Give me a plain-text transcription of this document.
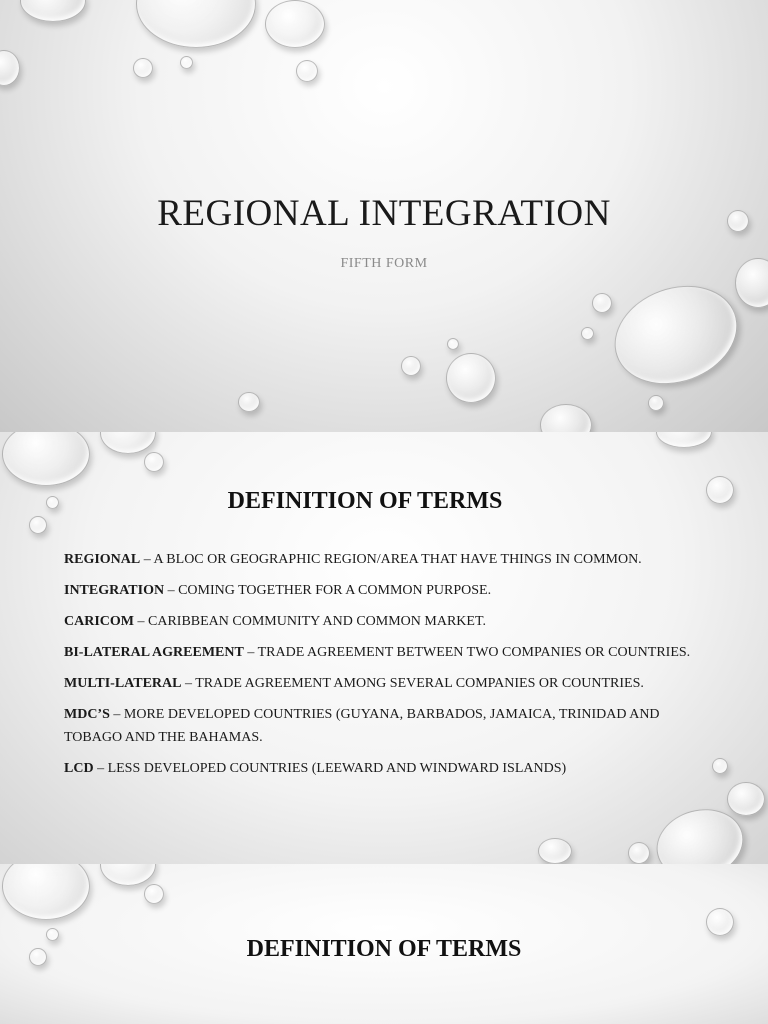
REGIONAL INTEGRATION
FIFTH FORM
DEFINITION OF TERMS
REGIONAL – A BLOC OR GEOGRAPHIC REGION/AREA THAT HAVE THINGS IN COMMON.
INTEGRATION – COMING TOGETHER FOR A COMMON PURPOSE.
CARICOM – CARIBBEAN COMMUNITY AND COMMON MARKET.
BI-LATERAL AGREEMENT – TRADE AGREEMENT BETWEEN TWO COMPANIES OR COUNTRIES.
MULTI-LATERAL – TRADE AGREEMENT AMONG SEVERAL COMPANIES OR COUNTRIES.
MDC’S – MORE DEVELOPED COUNTRIES (GUYANA, BARBADOS, JAMAICA, TRINIDAD AND TOBAGO AND THE BAHAMAS.
LCD – LESS DEVELOPED COUNTRIES (LEEWARD AND WINDWARD ISLANDS)
DEFINITION OF TERMS
